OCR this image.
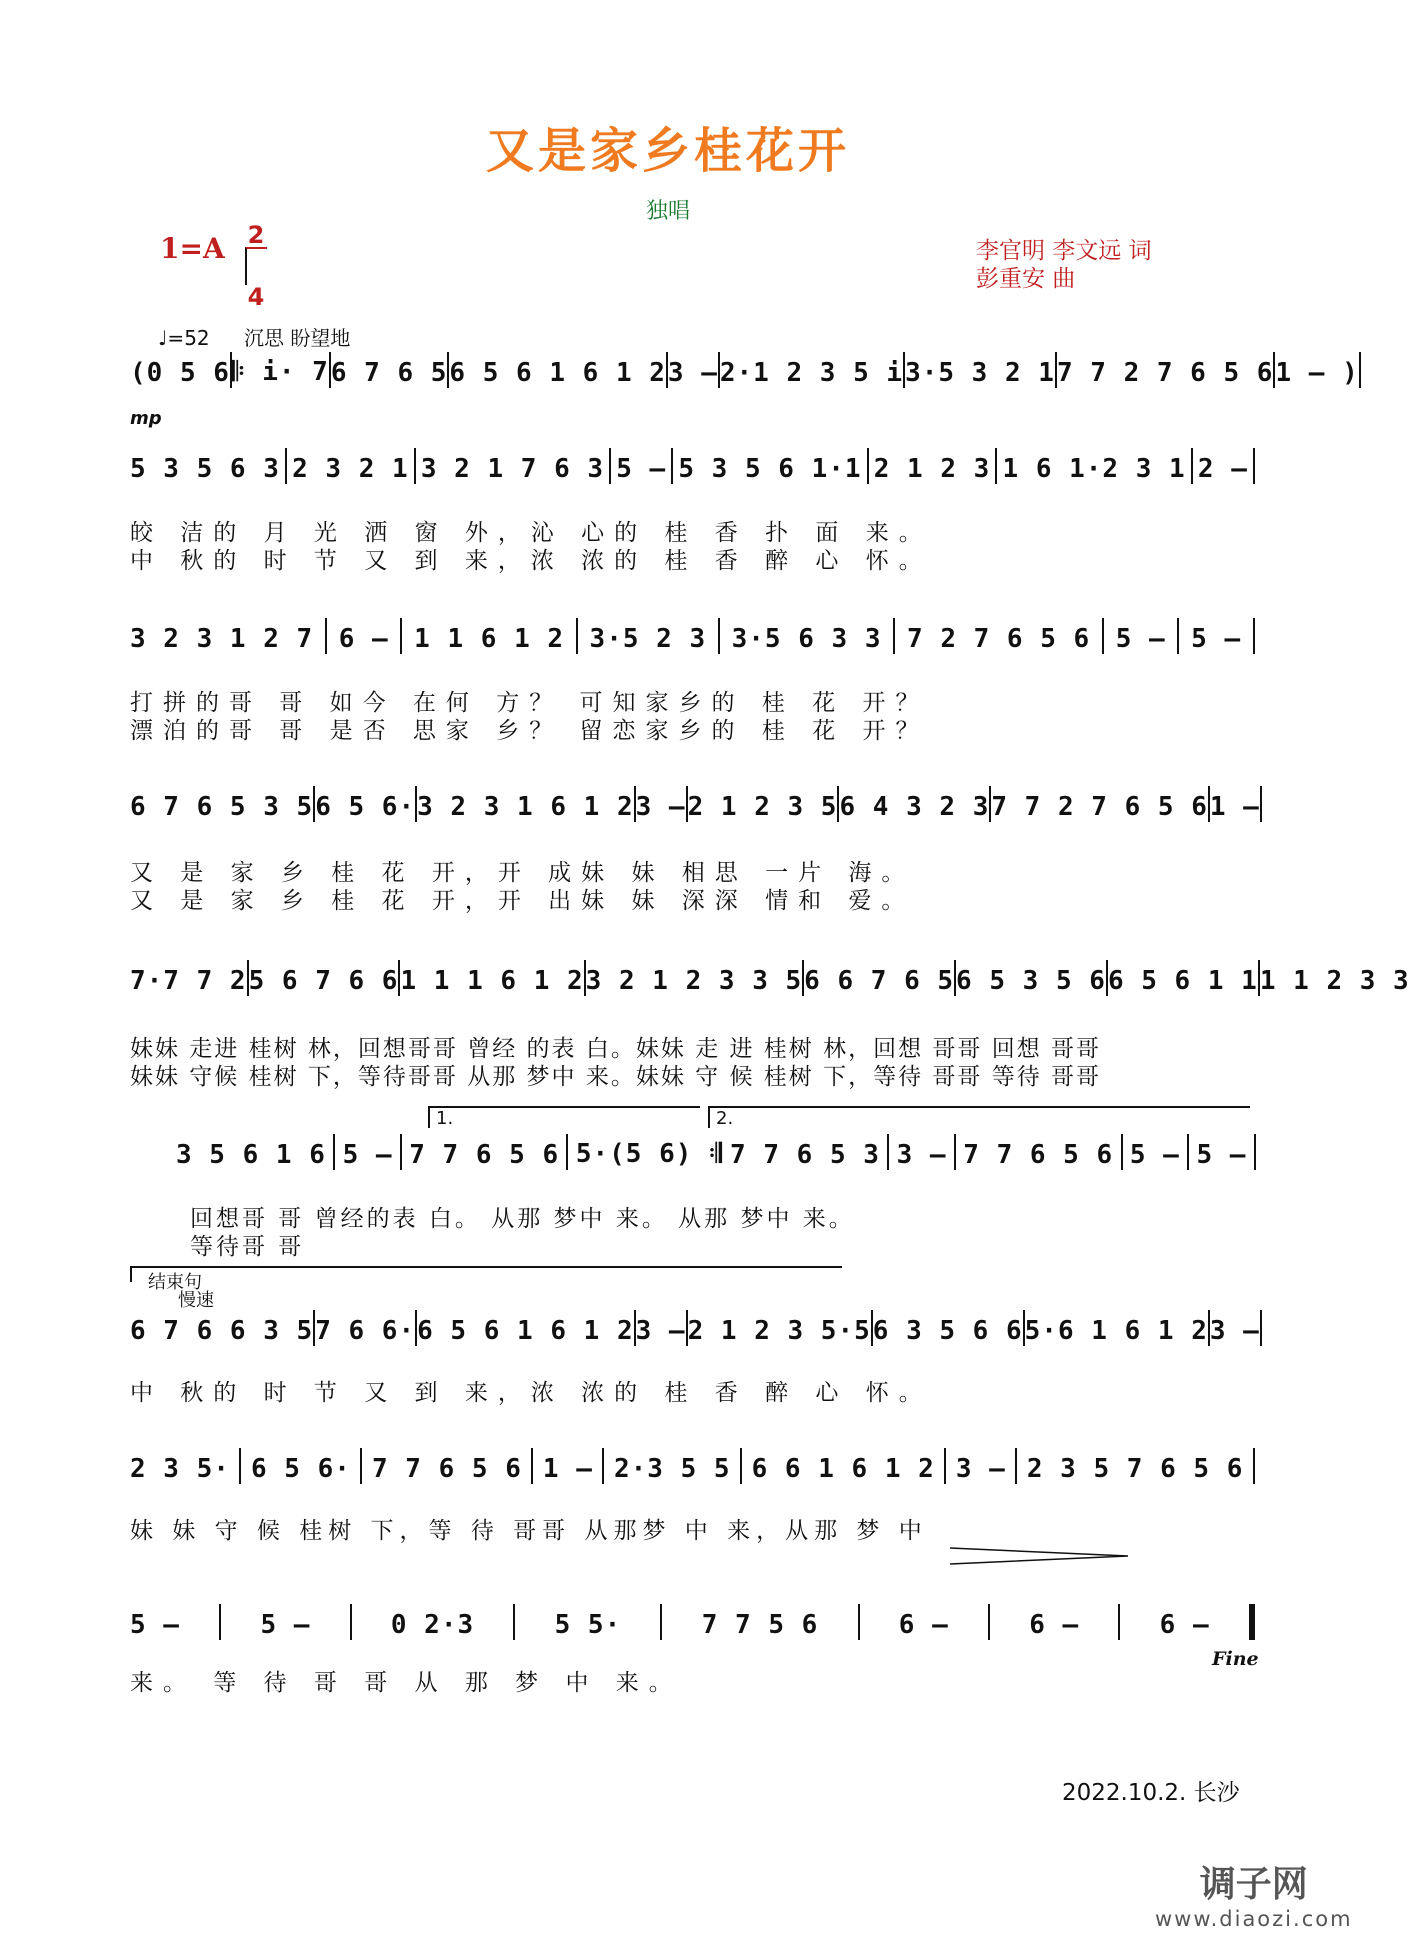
又是家乡桂花开
独唱
1=A 2
4
李官明 李文远 词
彭重安 曲
♩=52 沉思 盼望地
(0 5 6 𝄆 i· 7 6 7 6 5 6 5 6 1 6 1 2 3 – 2·1 2 3 5 i 3·5 3 2 1 7 7 2 7 6 5 6 1 – )
mp
5 3 5 6 3 2 3 2 1 3 2 1 7 6 3 5 – 5 3 5 6 1·1 2 1 2 3 1 6 1·2 3 1 2 –
皎 洁的 月 光 洒 窗 外，沁 心的 桂 香 扑 面 来。
中 秋的 时 节 又 到 来，浓 浓的 桂 香 醉 心 怀。
3 2 3 1 2 7 6 – 1 1 6 1 2 3·5 2 3 3·5 6 3 3 7 2 7 6 5 6 5 – 5 –
打拼的哥 哥 如今 在何 方？ 可知家乡的 桂 花 开？
漂泊的哥 哥 是否 思家 乡？ 留恋家乡的 桂 花 开？
6 7 6 5 3 5 6 5 6· 3 2 3 1 6 1 2 3 – 2 1 2 3 5 6 4 3 2 3 7 7 2 7 6 5 6 1 –
又 是 家 乡 桂 花 开，开 成妹 妹 相思 一片 海。
又 是 家 乡 桂 花 开，开 出妹 妹 深深 情和 爱。
7·7 7 2 5 6 7 6 6 1 1 1 6 1 2 3 2 1 2 3 3 5 6 6 7 6 5 6 5 3 5 6 6 5 6 1 1 1 1 2 3 3
妹妹 走进 桂树 林，回想哥哥 曾经 的表 白。妹妹 走 进 桂树 林，回想 哥哥 回想 哥哥
妹妹 守候 桂树 下，等待哥哥 从那 梦中 来。妹妹 守 候 桂树 下，等待 哥哥 等待 哥哥
1.	2.
3 5 6 1 6 5 – 7 7 6 5 6 5·(5 6) 𝄇 7 7 6 5 3 3 – 7 7 6 5 6 5 – 5 –
回想哥 哥 曾经的表 白。 从那 梦中 来。 从那 梦中 来。
等待哥 哥
结束句
慢速
6 7 6 6 3 5 7 6 6· 6 5 6 1 6 1 2 3 – 2 1 2 3 5·5 6 3 5 6 6 5·6 1 6 1 2 3 –
中 秋的 时 节 又 到 来，浓 浓的 桂 香 醉 心 怀。
2 3 5· 6 5 6· 7 7 6 5 6 1 – 2·3 5 5 6 6 1 6 1 2 3 – 2 3 5 7 6 5 6
妹 妹 守 候 桂树 下，等 待 哥哥 从那梦 中 来，从那 梦 中
5 –	5 –	0 2·3	5 5·	7 7 5 6	6 –	6 –	6 –
Fine
来。 等 待 哥 哥 从 那 梦 中 来。
2022.10.2. 长沙
调子网
www.diaozi.com
